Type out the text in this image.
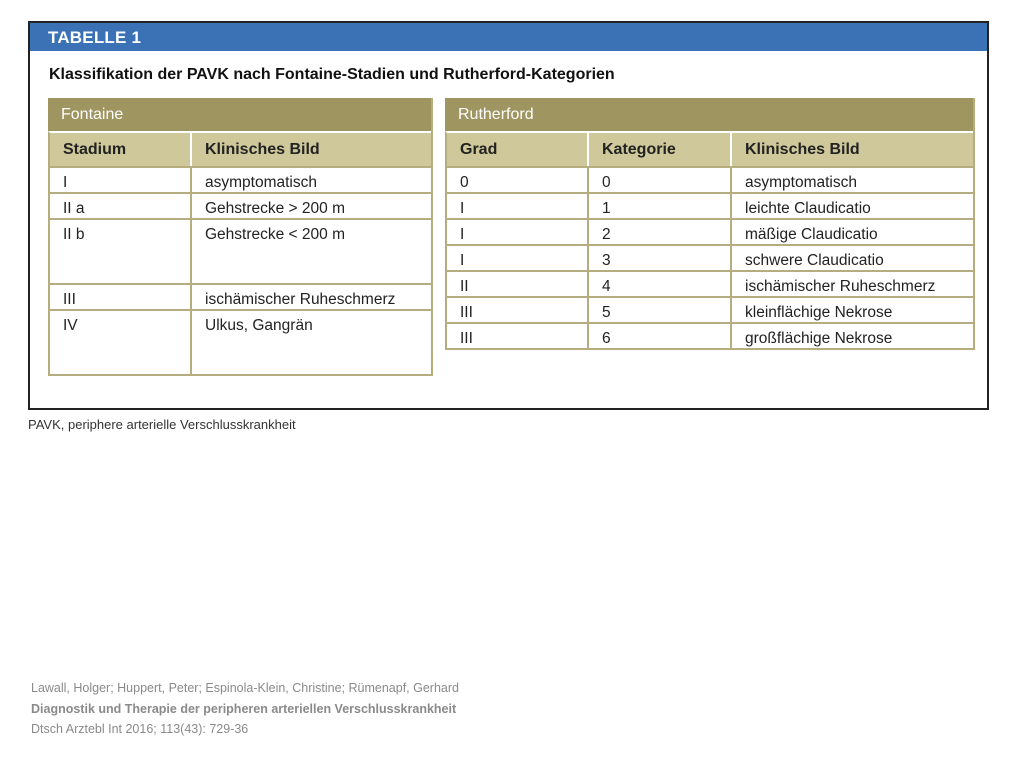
TABELLE 1
Klassifikation der PAVK nach Fontaine-Stadien und Rutherford-Kategorien
Fontaine	
Stadium	Klinisches Bild
I	asymptomatisch
II a	Gehstrecke > 200 m
II b	Gehstrecke < 200 m
III	ischämischer Ruheschmerz
IV	Ulkus, Gangrän
Rutherford		
Grad	Kategorie	Klinisches Bild
0	0	asymptomatisch
I	1	leichte Claudicatio
I	2	mäßige Claudicatio
I	3	schwere Claudicatio
II	4	ischämischer Ruheschmerz
III	5	kleinflächige Nekrose
III	6	großflächige Nekrose
PAVK, periphere arterielle Verschlusskrankheit
Lawall, Holger; Huppert, Peter; Espinola-Klein, Christine; Rümenapf, Gerhard
Diagnostik und Therapie der peripheren arteriellen Verschlusskrankheit
Dtsch Arztebl Int 2016; 113(43): 729-36
